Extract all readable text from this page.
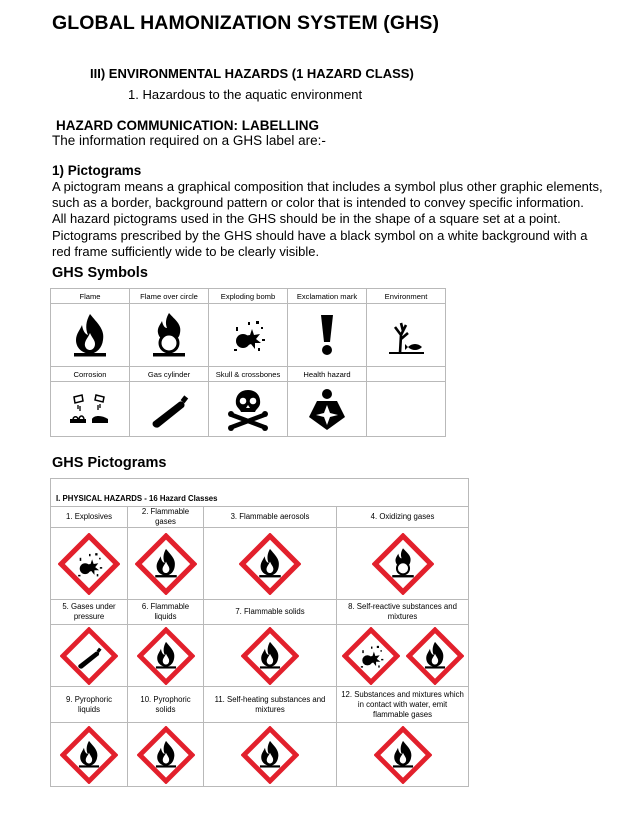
GLOBAL HAMONIZATION SYSTEM (GHS)
III) ENVIRONMENTAL HAZARDS (1 HAZARD CLASS)
1. Hazardous to the aquatic environment
HAZARD COMMUNICATION: LABELLING
The information required on a GHS label are:-
1) Pictograms
A pictogram means a graphical composition that includes a symbol plus other graphic elements,
such as a border, background pattern or color that is intended to convey specific information.
All hazard pictograms used in the GHS should be in the shape of a square set at a point.
Pictograms prescribed by the GHS should have a black symbol on a white background with a
red frame sufficiently wide to be clearly visible.
GHS Symbols
Flame	Flame over circle	Exploding bomb	Exclamation mark	Environment

Corrosion	Gas cylinder	Skull & crossbones	Health hazard	

GHS Pictograms
I. PHYSICAL HAZARDS - 16 Hazard Classes			
1. Explosives	2. Flammable gases	3. Flammable aerosols	4. Oxidizing gases

5. Gases under pressure	6. Flammable liquids	7. Flammable solids	8. Self-reactive substances and mixtures

9. Pyrophoric liquids	10. Pyrophoric solids	11. Self-heating substances and mixtures	12. Substances and mixtures which in contact with water, emit flammable gases
